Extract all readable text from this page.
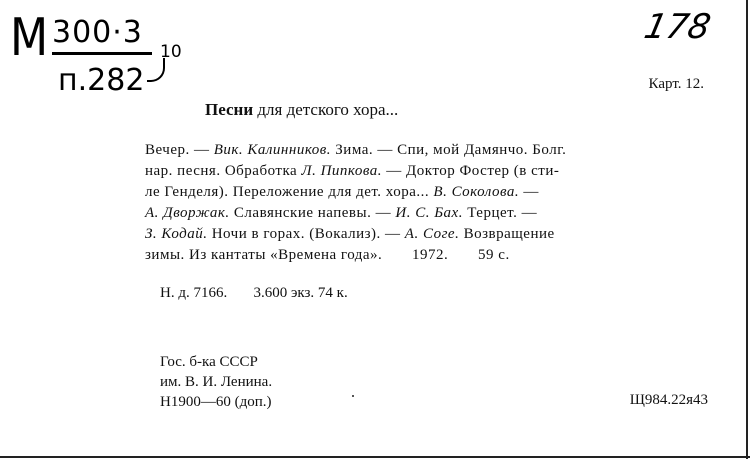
М 300·3
п.282
10
178
Карт. 12.
Песни для детского хора...
Вечер. — Вик. Калинников. Зима. — Спи, мой Дамянчо. Болг.
нар. песня. Обработка Л. Пипкова. — Доктор Фостер (в сти-
ле Генделя). Переложение для дет. хора... В. Соколова. —
А. Дворжак. Славянские напевы. — И. С. Бах. Терцет. —
З. Кодай. Ночи в горах. (Вокализ). — А. Соге. Возвращение
зимы. Из кантаты «Времена года».       1972.       59 с.
Н. д. 7166.       3.600 экз. 74 к.
Гос. б-ка СССР
им. В. И. Ленина.
Н1900—60 (доп.)	Щ984.22я43
